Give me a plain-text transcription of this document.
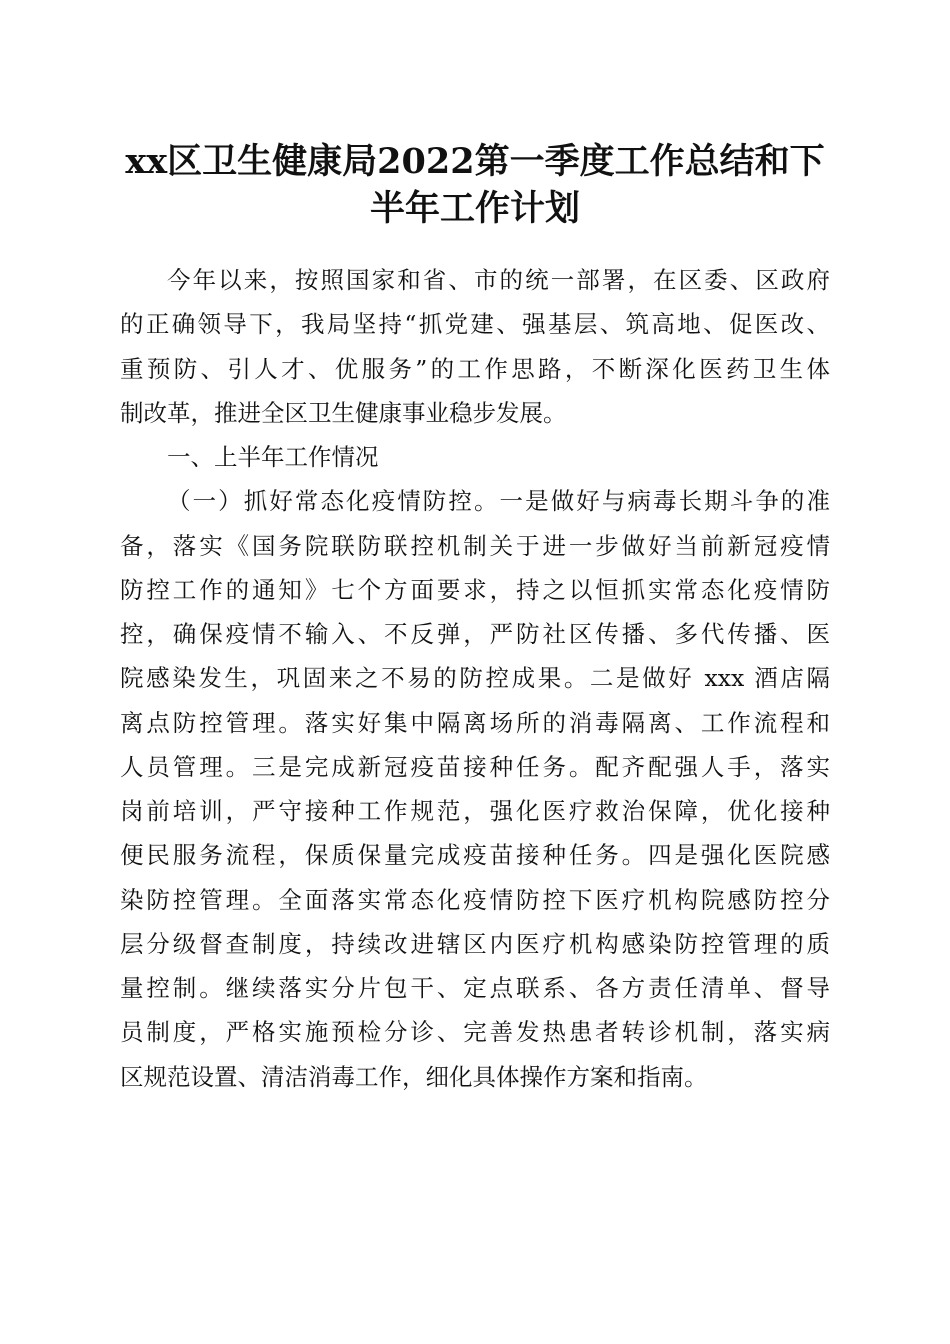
xx区卫生健康局2022第一季度工作总结和下
半年工作计划
今年以来，按照国家和省、市的统一部署，在区委、区政府
的正确领导下，我局坚持“抓党建、强基层、筑高地、促医改、
重预防、引人才、优服务”的工作思路，不断深化医药卫生体
制改革，推进全区卫生健康事业稳步发展。
一、上半年工作情况
（一）抓好常态化疫情防控。一是做好与病毒长期斗争的准
备，落实《国务院联防联控机制关于进一步做好当前新冠疫情
防控工作的通知》七个方面要求，持之以恒抓实常态化疫情防
控，确保疫情不输入、不反弹，严防社区传播、多代传播、医
院感染发生，巩固来之不易的防控成果。二是做好 xxx 酒店隔
离点防控管理。落实好集中隔离场所的消毒隔离、工作流程和
人员管理。三是完成新冠疫苗接种任务。配齐配强人手，落实
岗前培训，严守接种工作规范，强化医疗救治保障，优化接种
便民服务流程，保质保量完成疫苗接种任务。四是强化医院感
染防控管理。全面落实常态化疫情防控下医疗机构院感防控分
层分级督查制度，持续改进辖区内医疗机构感染防控管理的质
量控制。继续落实分片包干、定点联系、各方责任清单、督导
员制度，严格实施预检分诊、完善发热患者转诊机制，落实病
区规范设置、清洁消毒工作，细化具体操作方案和指南。
